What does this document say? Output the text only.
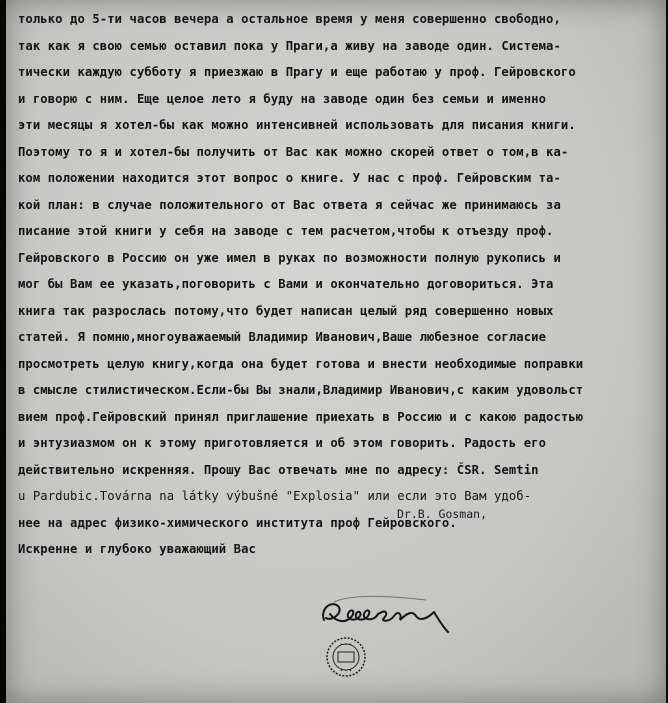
только до 5-ти часов вечера а остальное время у меня совершенно свободно,
так как я свою семью оставил пока у Праги,а живу на заводе один. Система-
тически каждую субботу я приезжаю в Прагу и еще работаю у проф. Гейровского
и говорю с ним. Еще целое лето я буду на заводе один без семьи и именно
эти месяцы я хотел-бы как можно интенсивней использовать для писания книги.
Поэтому то я и хотел-бы получить от Вас как можно скорей ответ о том,в ка-
ком положении находится этот вопрос о книге. У нас с проф. Гейровским та-
кой план: в случае положительного от Вас ответа я сейчас же принимаюсь за
писание этой книги у себя на заводе с тем расчетом,чтобы к отъезду проф.
Гейровского в Россию он уже имел в руках по возможности полную рукопись и
мог бы Вам ее указать,поговорить с Вами и окончательно договориться. Эта
книга так разрослась потому,что будет написан целый ряд совершенно новых
статей. Я помню,многоуважаемый Владимир Иванович,Ваше любезное согласие
просмотреть целую книгу,когда она будет готова и внести необходимые поправки
в смысле стилистическом.Если-бы Вы знали,Владимир Иванович,с каким удовольст
вием проф.Гейровский принял приглашение приехать в Россию и с какою радостью
и энтузиазмом он к этому приготовляется и об этом говорить. Радость его
действительно искренняя. Прошу Вас отвечать мне по адресу: ČSR. Semtin
u Pardubic.Továrna na látky výbušné "Explosia" или если это Вам удоб-
нее на адрес физико-химического института проф Гейровского.
Искренне и глубоко уважающий Вас
Dr.B. Gosman,
• • •
• • •
